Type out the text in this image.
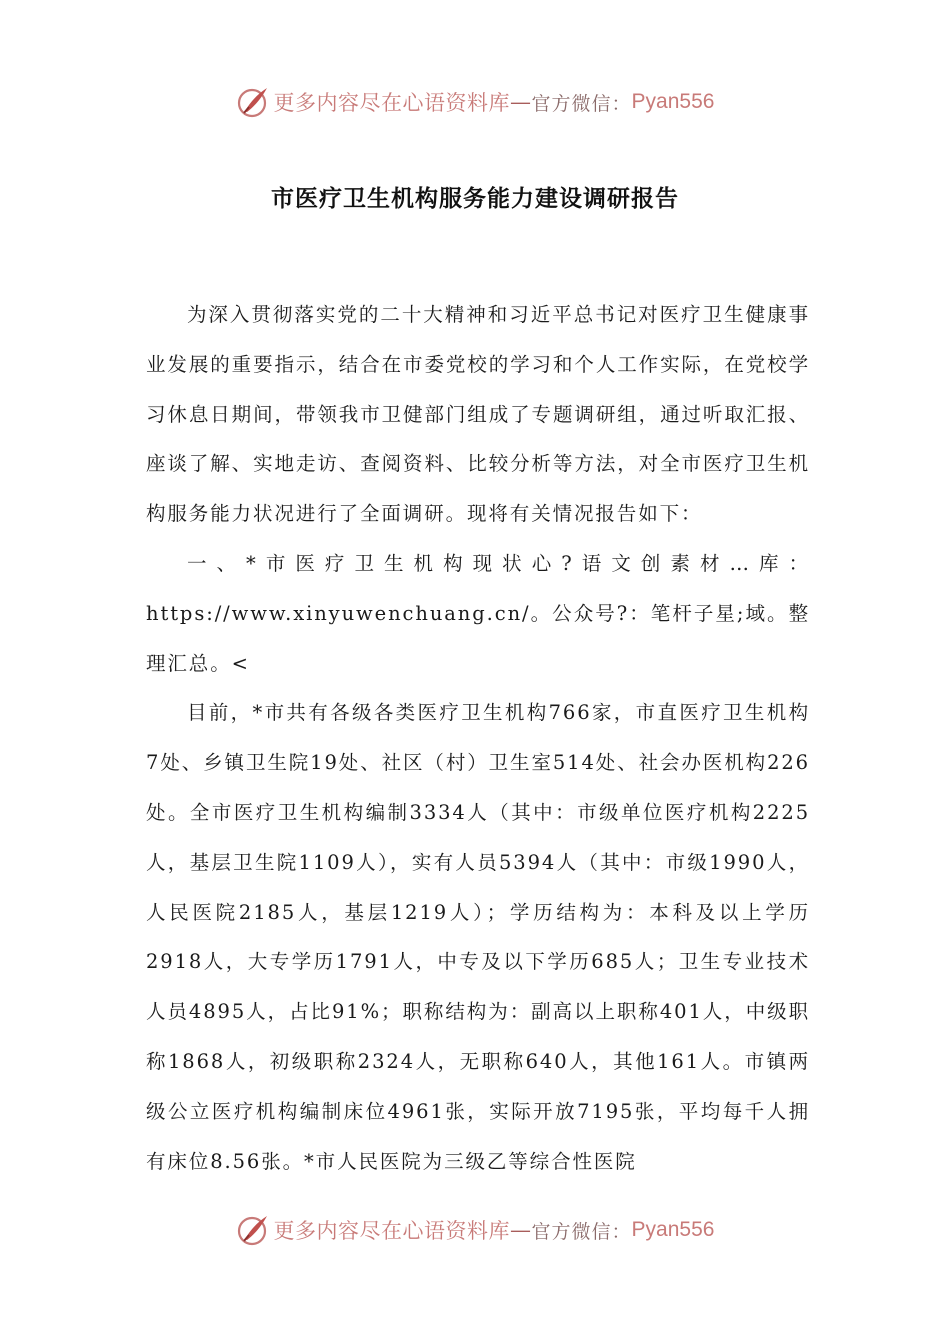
更多内容尽在心语资料库 — 官方微信： Pyan556
市医疗卫生机构服务能力建设调研报告

为深入贯彻落实党的二十大精神和习近平总书记对医疗卫生健康事业发展的重要指示，结合在市委党校的学习和个人工作实际，在党校学习休息日期间，带领我市卫健部门组成了专题调研组，通过听取汇报、座谈了解、实地走访、查阅资料、比较分析等方法，对全市医疗卫生机构服务能力状况进行了全面调研。现将有关情况报告如下：

一、*市医疗卫生机构现状心?语文创素材…库：https://www.xinyuwenchuang.cn/。公众号?：笔杆子星;域。整理汇总。<

目前，*市共有各级各类医疗卫生机构766家，市直医疗卫生机构7处、乡镇卫生院19处、社区（村）卫生室514处、社会办医机构226处。全市医疗卫生机构编制3334人（其中：市级单位医疗机构2225人，基层卫生院1109人），实有人员5394人（其中：市级1990人，人民医院2185人，基层1219人）；学历结构为：本科及以上学历2918人，大专学历1791人，中专及以下学历685人；卫生专业技术人员4895人，占比91%；职称结构为：副高以上职称401人，中级职称1868人，初级职称2324人，无职称640人，其他161人。市镇两级公立医疗机构编制床位4961张，实际开放7195张，平均每千人拥有床位8.56张。*市人民医院为三级乙等综合性医院

更多内容尽在心语资料库 — 官方微信： Pyan556
